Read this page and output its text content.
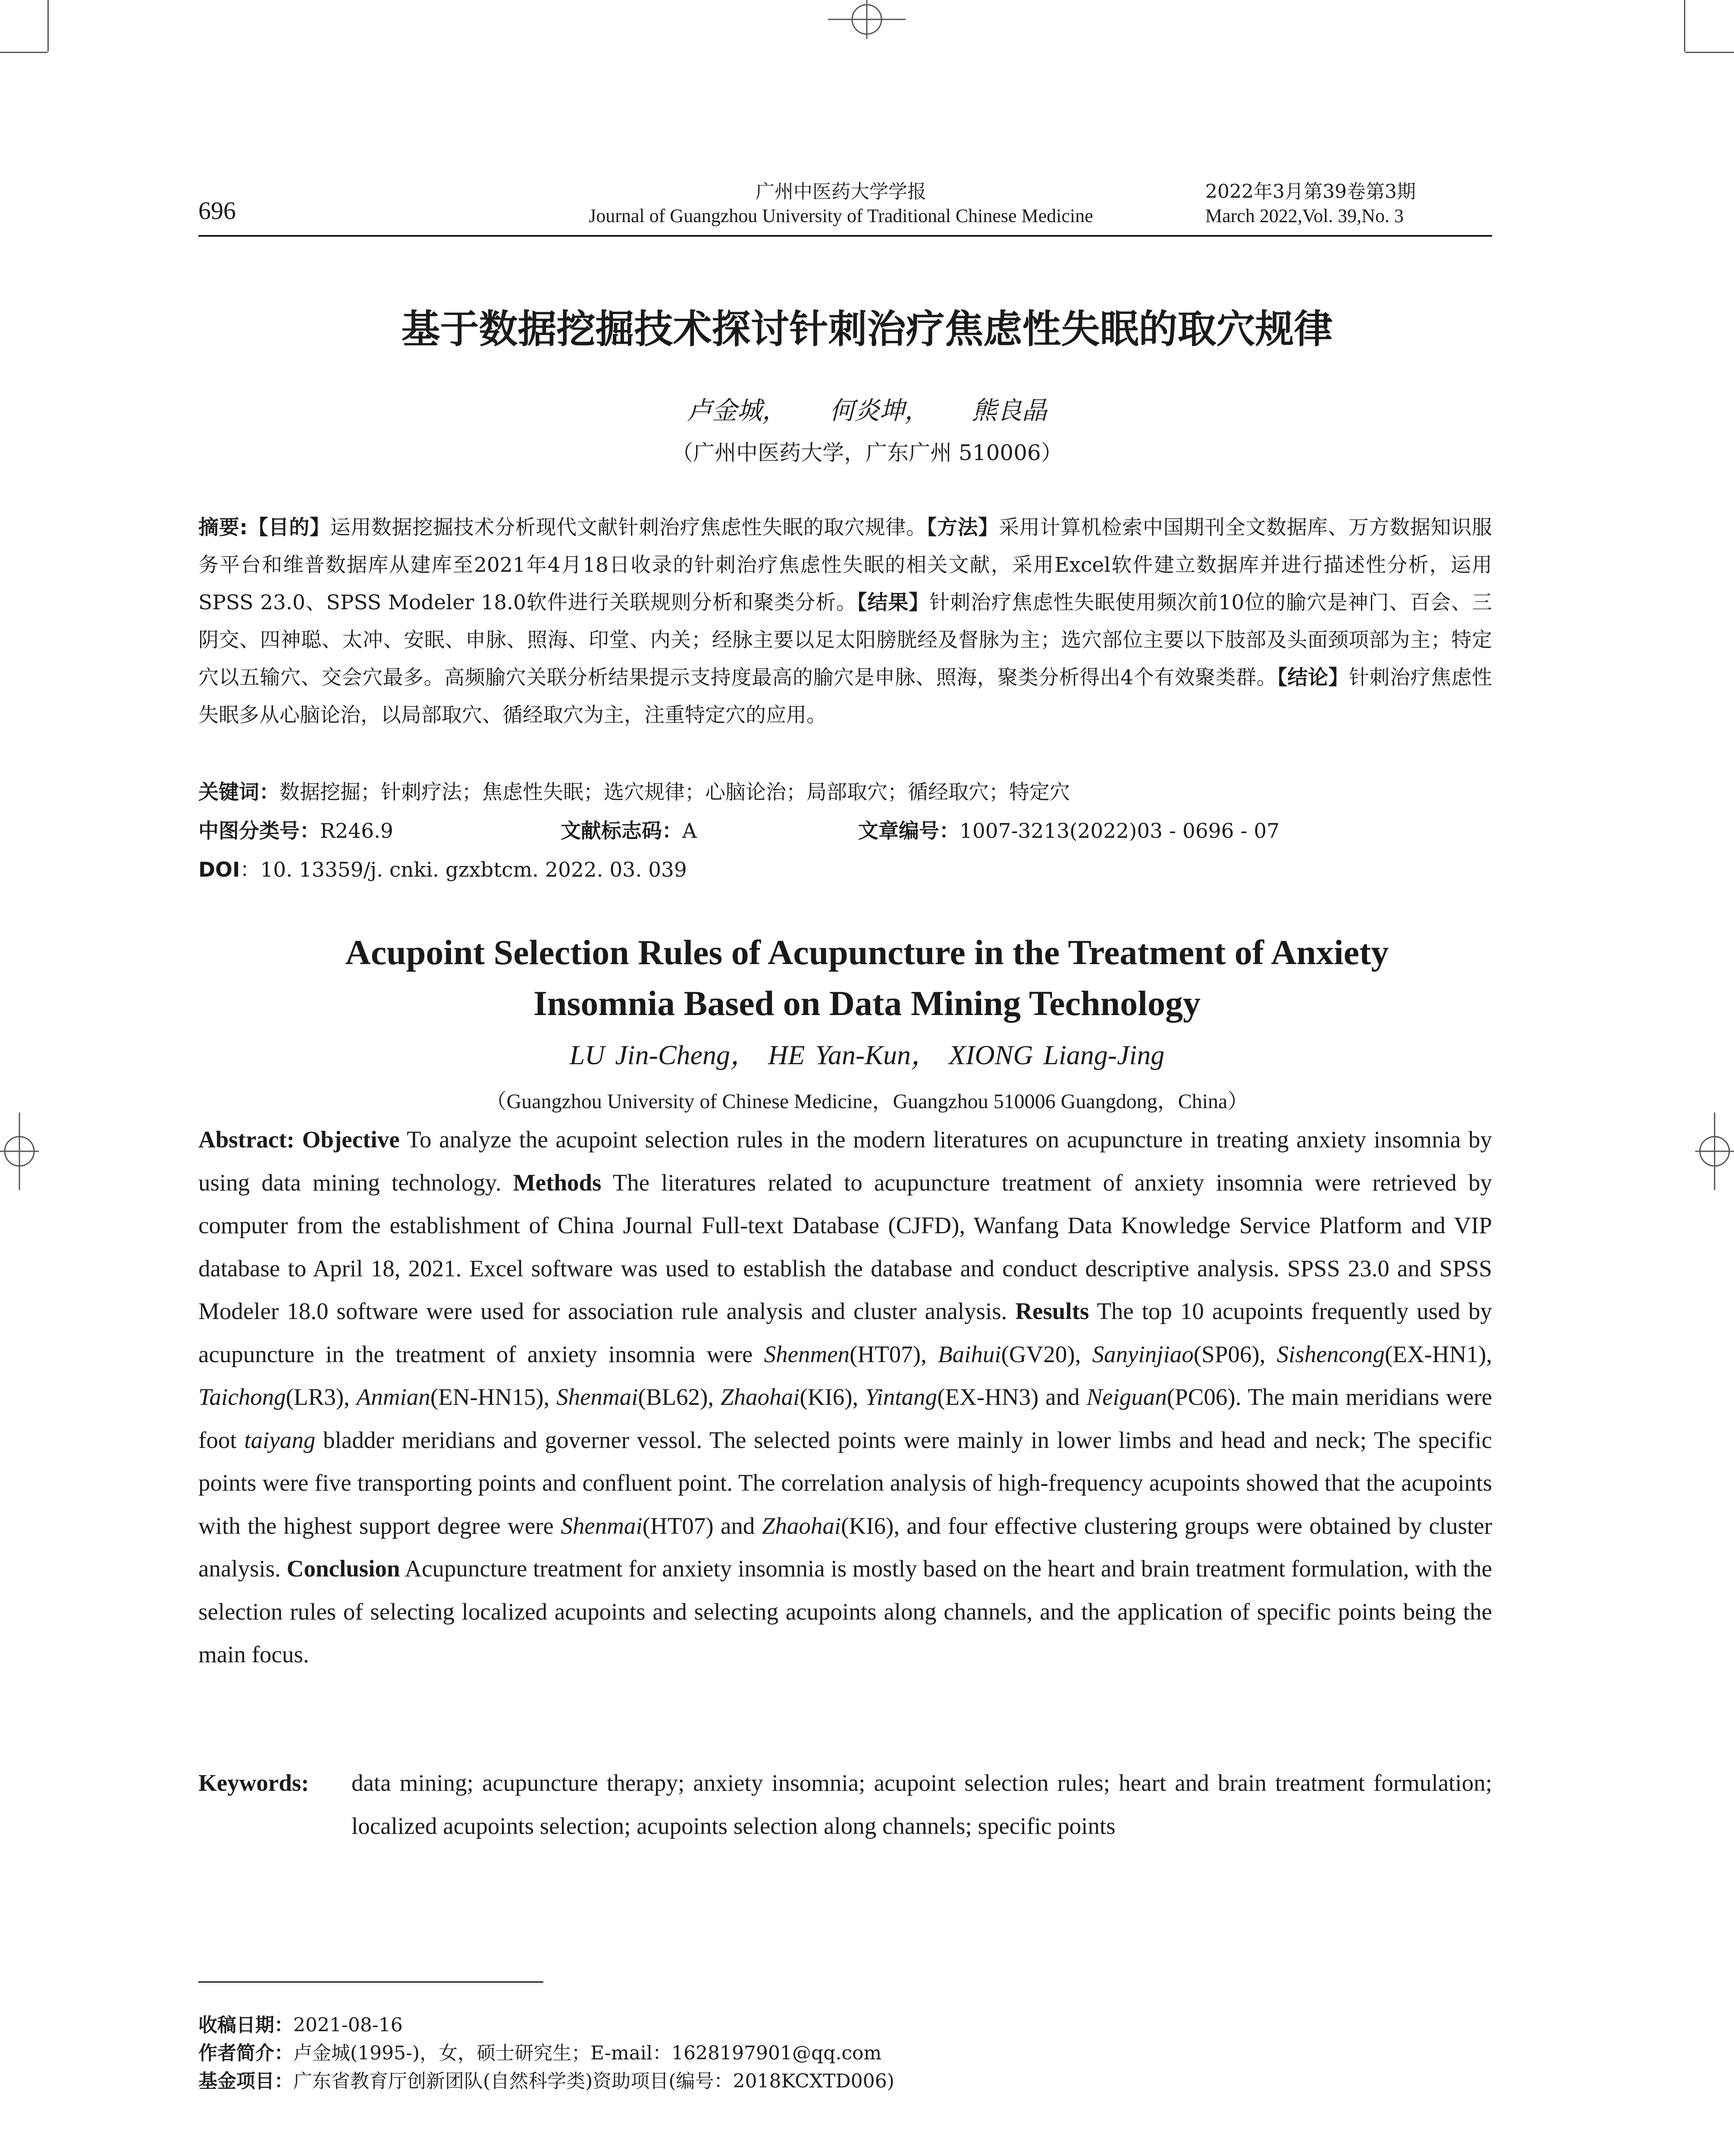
696
广州中医药大学学报
Journal of Guangzhou University of Traditional Chinese Medicine
2022年3月第39卷第3期
March 2022,Vol. 39,No. 3
基于数据挖掘技术探讨针刺治疗焦虑性失眠的取穴规律
卢金城， 何炎坤， 熊良晶
（广州中医药大学，广东广州 510006）
摘要:【目的】运用数据挖掘技术分析现代文献针刺治疗焦虑性失眠的取穴规律。【方法】采用计算机检索中国期刊全文数据库、万方数据知识服务平台和维普数据库从建库至2021年4月18日收录的针刺治疗焦虑性失眠的相关文献，采用Excel软件建立数据库并进行描述性分析，运用SPSS 23.0、SPSS Modeler 18.0软件进行关联规则分析和聚类分析。【结果】针刺治疗焦虑性失眠使用频次前10位的腧穴是神门、百会、三阴交、四神聪、太冲、安眠、申脉、照海、印堂、内关；经脉主要以足太阳膀胱经及督脉为主；选穴部位主要以下肢部及头面颈项部为主；特定穴以五输穴、交会穴最多。高频腧穴关联分析结果提示支持度最高的腧穴是申脉、照海，聚类分析得出4个有效聚类群。【结论】针刺治疗焦虑性失眠多从心脑论治，以局部取穴、循经取穴为主，注重特定穴的应用。
关键词：数据挖掘；针刺疗法；焦虑性失眠；选穴规律；心脑论治；局部取穴；循经取穴；特定穴
中图分类号：R246.9	文献标志码：A	文章编号：1007-3213(2022)03 - 0696 - 07
DOI：10. 13359/j. cnki. gzxbtcm. 2022. 03. 039
Acupoint Selection Rules of Acupuncture in the Treatment of Anxiety
Insomnia Based on Data Mining Technology
LU Jin-Cheng， HE Yan-Kun， XIONG Liang-Jing
（Guangzhou University of Chinese Medicine，Guangzhou 510006 Guangdong，China）
Abstract: Objective To analyze the acupoint selection rules in the modern literatures on acupuncture in treating anxiety insomnia by using data mining technology. Methods The literatures related to acupuncture treatment of anxiety insomnia were retrieved by computer from the establishment of China Journal Full-text Database (CJFD), Wanfang Data Knowledge Service Platform and VIP database to April 18, 2021. Excel software was used to establish the database and conduct descriptive analysis. SPSS 23.0 and SPSS Modeler 18.0 software were used for association rule analysis and cluster analysis. Results The top 10 acupoints frequently used by acupuncture in the treatment of anxiety insomnia were Shenmen(HT07), Baihui(GV20), Sanyinjiao(SP06), Sishencong(EX-HN1), Taichong(LR3), Anmian(EN-HN15), Shenmai(BL62), Zhaohai(KI6), Yintang(EX-HN3) and Neiguan(PC06). The main meridians were foot taiyang bladder meridians and governer vessol. The selected points were mainly in lower limbs and head and neck; The specific points were five transporting points and confluent point. The correlation analysis of high-frequency acupoints showed that the acupoints with the highest support degree were Shenmai(HT07) and Zhaohai(KI6), and four effective clustering groups were obtained by cluster analysis. Conclusion Acupuncture treatment for anxiety insomnia is mostly based on the heart and brain treatment formulation, with the selection rules of selecting localized acupoints and selecting acupoints along channels, and the application of specific points being the main focus.
Keywords: data mining; acupuncture therapy; anxiety insomnia; acupoint selection rules; heart and brain treatment formulation; localized acupoints selection; acupoints selection along channels; specific points
收稿日期：2021-08-16
作者简介：卢金城(1995-)，女，硕士研究生；E-mail：1628197901@qq.com
基金项目：广东省教育厅创新团队(自然科学类)资助项目(编号：2018KCXTD006)
